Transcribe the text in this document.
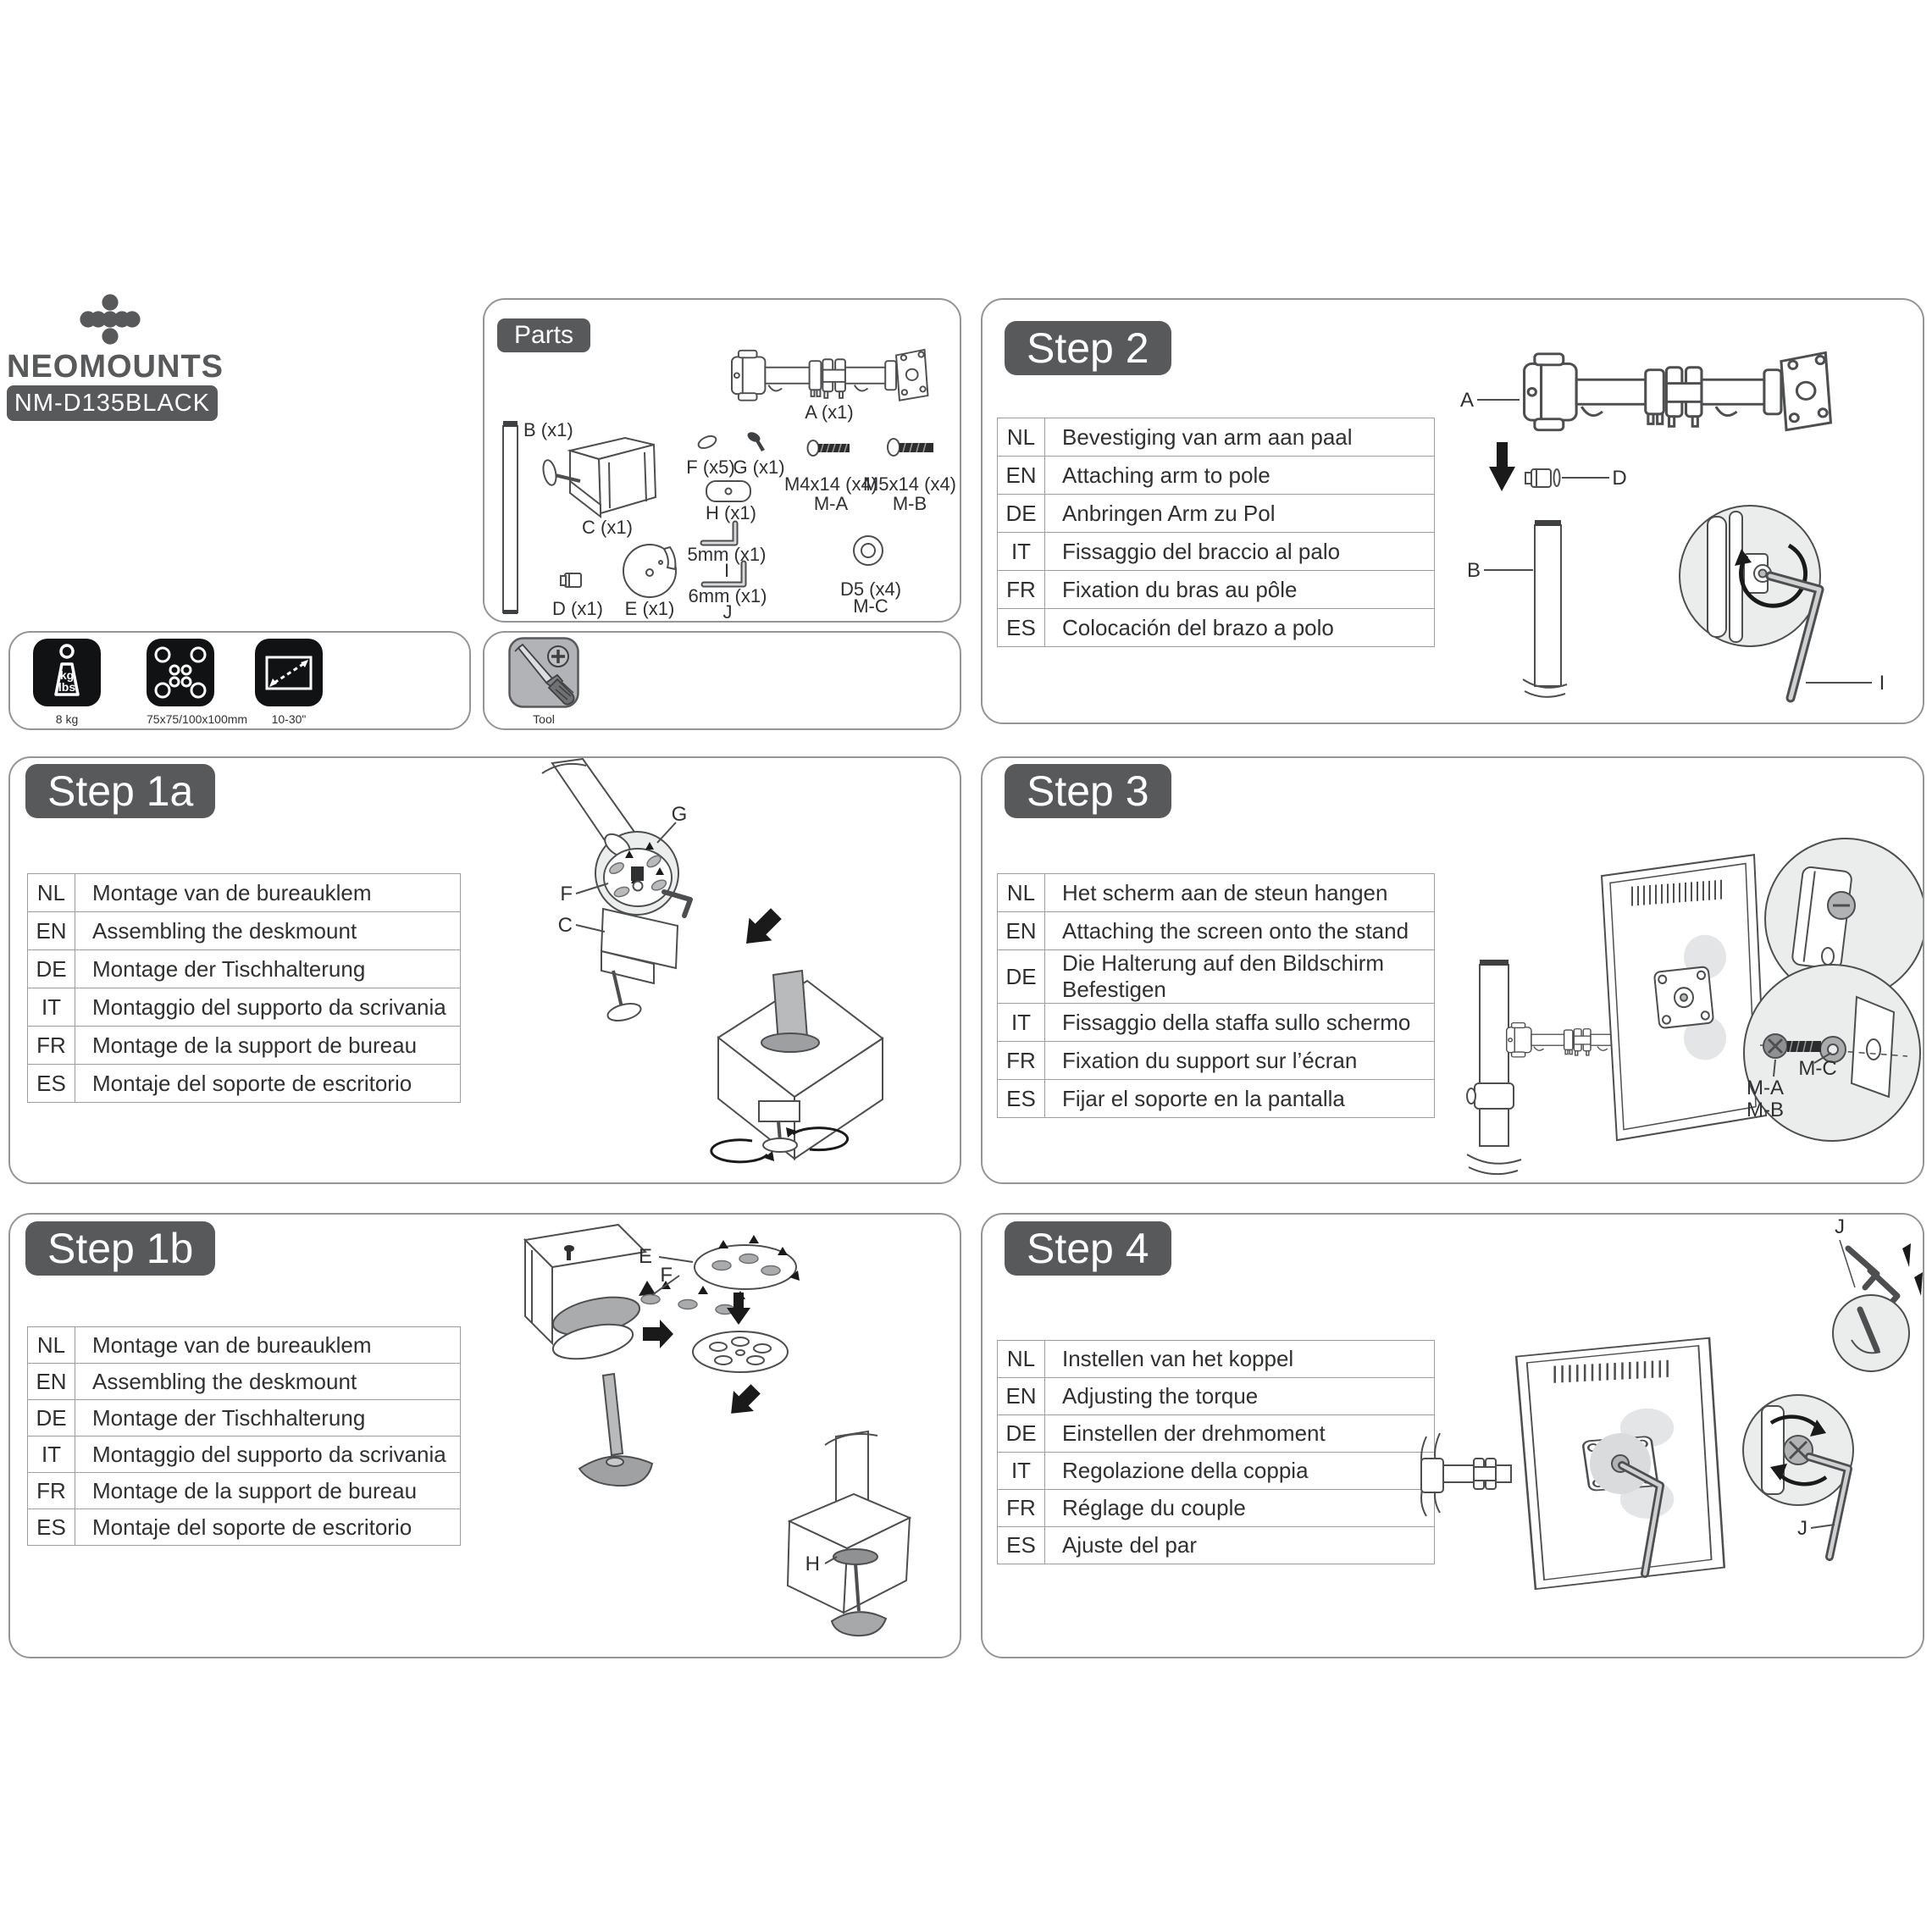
NEOMOUNTS
NM-D135BLACK
Parts
A (x1)
B (x1)
C (x1)
D (x1) E (x1)
F (x5)
G (x1)
H (x1)
5mm (x1)
I
6mm (x1)
J
M4x14 (x4)
M-A
M5x14 (x4)
M-B
D5 (x4)
M-C
Step 2
NL	Bevestiging van arm aan paal
EN	Attaching arm to pole
DE	Anbringen Arm zu Pol
IT	Fissaggio del braccio al palo
FR	Fixation du bras au pôle
ES	Colocación del brazo a polo
A
B
D
I
kg
lbs
8 kg	75x75/100x100mm	10-30"	Tool
Step 1a
NL	Montage van de bureauklem
EN	Assembling the deskmount
DE	Montage der Tischhalterung
IT	Montaggio del supporto da scrivania
FR	Montage de la support de bureau
ES	Montaje del soporte de escritorio
G
F
C
Step 3
NL	Het scherm aan de steun hangen
EN	Attaching the screen onto the stand
DE	Die Halterung auf den Bildschirm Befestigen
IT	Fissaggio della staffa sullo schermo
FR	Fixation du support sur l’écran
ES	Fijar el soporte en la pantalla	M-A
M-B
M-C
Step 1b
NL	Montage van de bureauklem
EN	Assembling the deskmount
DE	Montage der Tischhalterung
IT	Montaggio del supporto da scrivania
FR	Montage de la support de bureau
ES	Montaje del soporte de escritorio
E
F
H
Step 4
NL	Instellen van het koppel
EN	Adjusting the torque
DE	Einstellen der drehmoment
IT	Regolazione della coppia
FR	Réglage du couple
ES	Ajuste del par
J
J
